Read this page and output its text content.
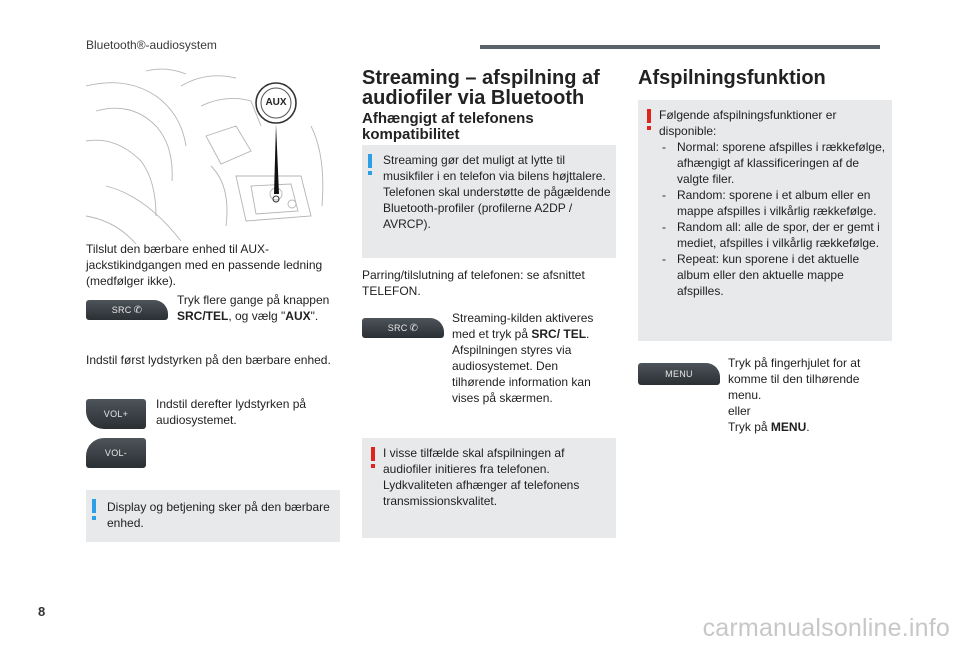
Bluetooth®-audiosystem
AUX
Tilslut den bærbare enhed til AUX-jackstikindgangen med en passende ledning (medfølger ikke).
SRC ✆
Tryk flere gange på knappen SRC/TEL, og vælg "AUX".
Indstil først lydstyrken på den bærbare enhed.
VOL+
VOL-
Indstil derefter lydstyrken på audiosystemet.
Display og betjening sker på den bærbare enhed.
Streaming – afspilning af audiofiler via Bluetooth
Afhængigt af telefonens kompatibilitet
Streaming gør det muligt at lytte til musikfiler i en telefon via bilens højttalere. Telefonen skal understøtte de pågældende Bluetooth-profiler (profilerne A2DP / AVRCP).
Parring/tilslutning af telefonen: se afsnittet TELEFON.
SRC ✆
Streaming-kilden aktiveres med et tryk på SRC/ TEL. Afspilningen styres via audiosystemet. Den tilhørende information kan vises på skærmen.
I visse tilfælde skal afspilningen af audiofiler initieres fra telefonen. Lydkvaliteten afhænger af telefonens transmissionskvalitet.
Afspilningsfunktion
Følgende afspilningsfunktioner er disponible:
- Normal: sporene afspilles i rækkefølge, afhængigt af klassificeringen af de valgte filer.
- Random: sporene i et album eller en mappe afspilles i vilkårlig rækkefølge.
- Random all: alle de spor, der er gemt i mediet, afspilles i vilkårlig rækkefølge.
- Repeat: kun sporene i det aktuelle album eller den aktuelle mappe afspilles.
MENU
Tryk på fingerhjulet for at komme til den tilhørende menu.
eller
Tryk på MENU.
8
carmanualsonline.info
